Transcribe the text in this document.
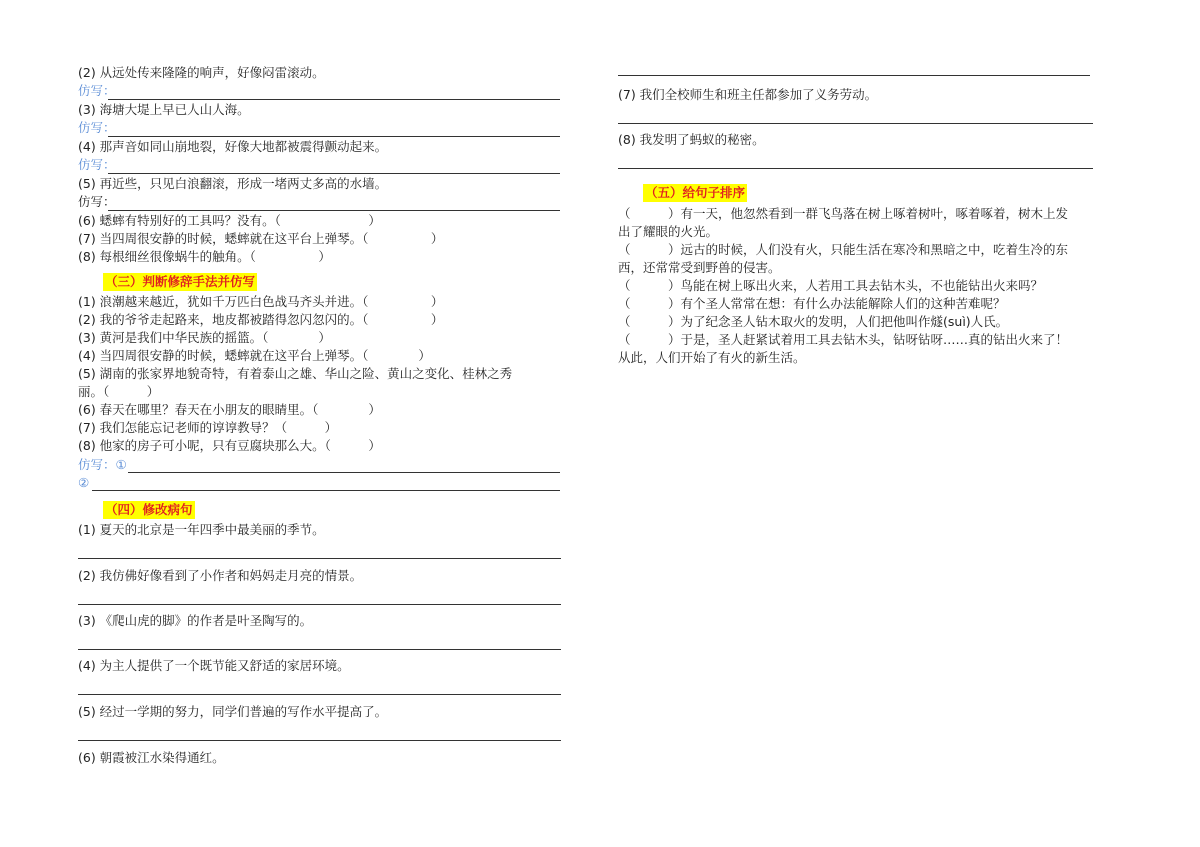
(2) 从远处传来隆隆的响声，好像闷雷滚动。
仿写：
(3) 海塘大堤上早已人山人海。
仿写：
(4) 那声音如同山崩地裂，好像大地都被震得颤动起来。
仿写：
(5) 再近些，只见白浪翻滚，形成一堵两丈多高的水墙。
仿写：
(6) 蟋蟀有特别好的工具吗？没有。（　　　　　　　）
(7) 当四周很安静的时候，蟋蟀就在这平台上弹琴。（　　　　　）
(8) 每根细丝很像蜗牛的触角。（　　　　　）
（三）判断修辞手法并仿写
(1) 浪潮越来越近，犹如千万匹白色战马齐头并进。（　　　　　）
(2) 我的爷爷走起路来，地皮都被踏得忽闪忽闪的。（　　　　　）
(3) 黄河是我们中华民族的摇篮。（　　　　）
(4) 当四周很安静的时候，蟋蟀就在这平台上弹琴。（　　　　）
(5) 湖南的张家界地貌奇特，有着泰山之雄、华山之险、黄山之变化、桂林之秀
丽。（　　　）
(6) 春天在哪里？春天在小朋友的眼睛里。（　　　　）
(7) 我们怎能忘记老师的谆谆教导？（　　　）
(8) 他家的房子可小呢，只有豆腐块那么大。（　　　）
仿写：①
②
（四）修改病句
(1) 夏天的北京是一年四季中最美丽的季节。
(2) 我仿佛好像看到了小作者和妈妈走月亮的情景。
(3) 《爬山虎的脚》的作者是叶圣陶写的。
(4) 为主人提供了一个既节能又舒适的家居环境。
(5) 经过一学期的努力，同学们普遍的写作水平提高了。
(6) 朝霞被江水染得通红。
(7) 我们全校师生和班主任都参加了义务劳动。
(8) 我发明了蚂蚁的秘密。
（五）给句子排序
（　　　）有一天，他忽然看到一群飞鸟落在树上啄着树叶，啄着啄着，树木上发
出了耀眼的火光。
（　　　）远古的时候，人们没有火，只能生活在寒冷和黑暗之中，吃着生冷的东
西，还常常受到野兽的侵害。
（　　　）鸟能在树上啄出火来，人若用工具去钻木头，不也能钻出火来吗？
（　　　）有个圣人常常在想：有什么办法能解除人们的这种苦难呢？
（　　　）为了纪念圣人钻木取火的发明，人们把他叫作燧(suì)人氏。
（　　　）于是，圣人赶紧试着用工具去钻木头，钻呀钻呀……真的钻出火来了！
从此，人们开始了有火的新生活。
